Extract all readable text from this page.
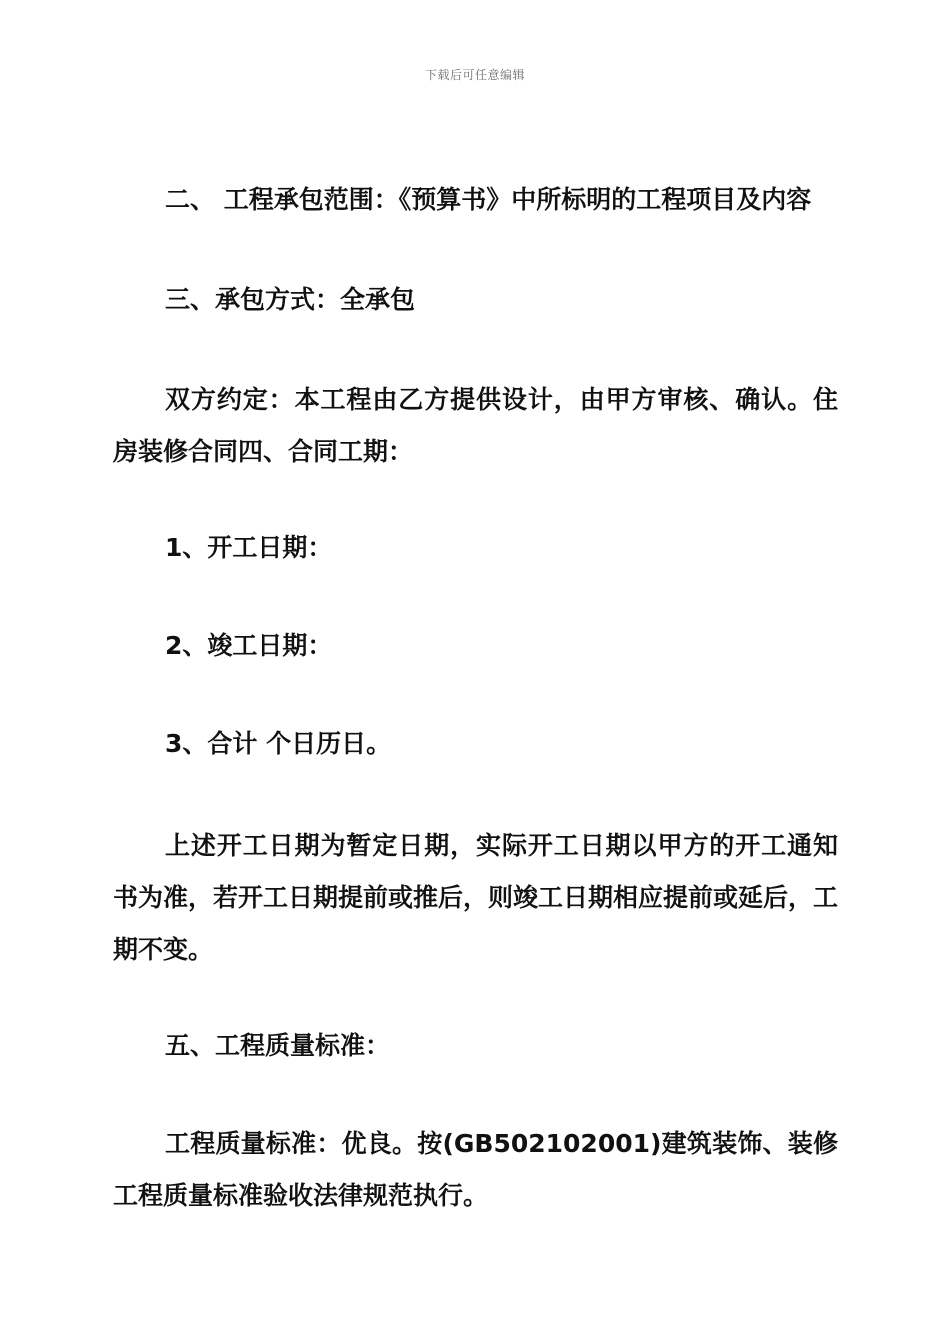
下载后可任意编辑

二、 工程承包范围：《预算书》中所标明的工程项目及内容

三、承包方式：全承包

双方约定：本工程由乙方提供设计，由甲方审核、确认。住房装修合同四、合同工期：

1、开工日期：

2、竣工日期：

3、合计 个日历日。

上述开工日期为暂定日期，实际开工日期以甲方的开工通知书为准，若开工日期提前或推后，则竣工日期相应提前或延后，工期不变。

五、工程质量标准：

工程质量标准：优良。按(GB502102001)建筑装饰、装修工程质量标准验收法律规范执行。
